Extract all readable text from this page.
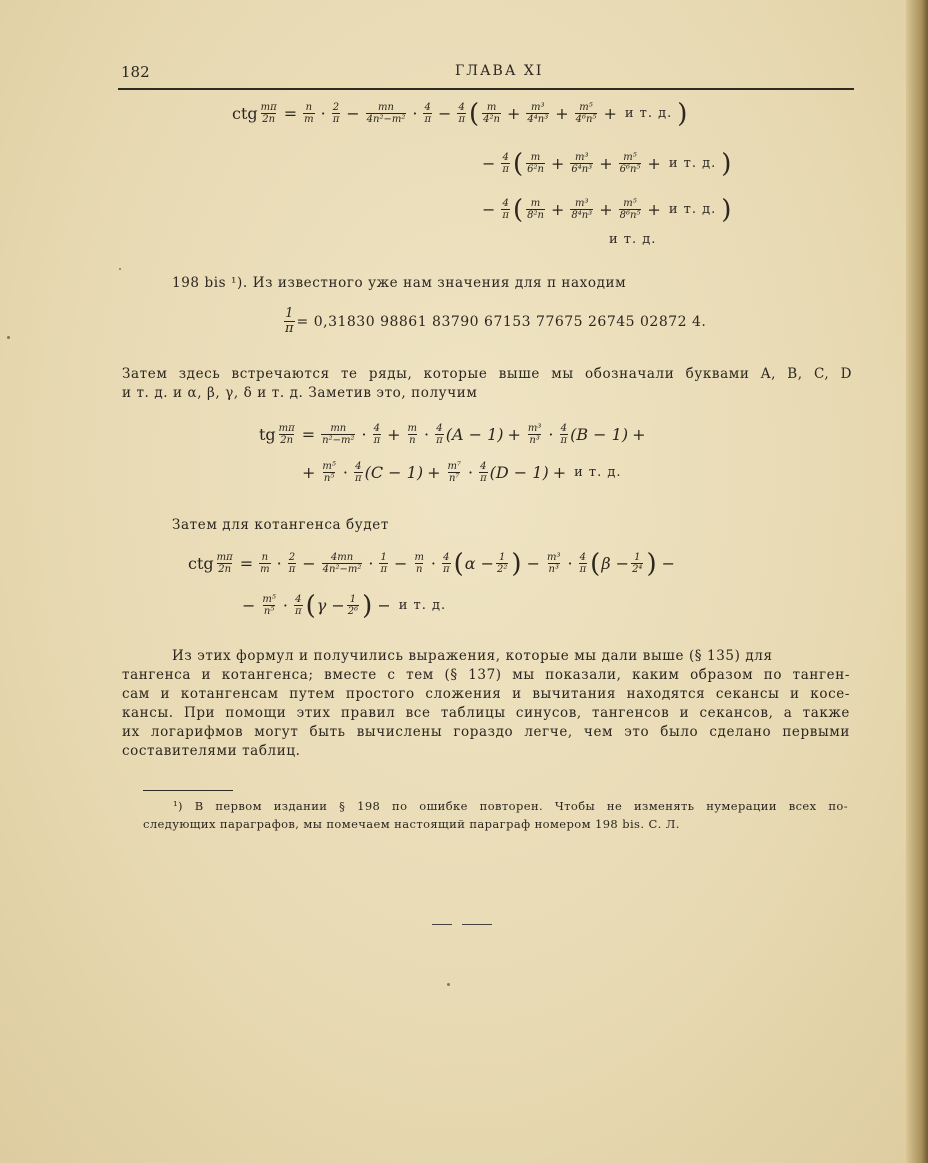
182	ГЛАВА XI
ctg $\frac{m\pi}{2n} = \frac{n}{m} \cdot \frac{2}{\pi} - \frac{mn}{\text{4n²−m²}} \cdot \frac{4}{\pi} - \frac{4}{\pi}$ ( $\frac{m}{\text{4²n}} + \frac{\text{m³}}{\text{4⁴n³}} + \frac{\text{m⁵}}{\text{4⁶n⁵}} + и$ т. д. )
− $\frac{4}{\pi}$ ( $\frac{m}{\text{6²n}} + \frac{\text{m³}}{\text{6⁴n³}} + \frac{\text{m⁵}}{\text{6⁶n⁵}} + и$ т. д. )
− $\frac{4}{\pi}$ ( $\frac{m}{\text{8²n}} + \frac{\text{m³}}{\text{8⁴n³}} + \frac{\text{m⁵}}{\text{8⁶n⁵}} + и$ т. д. )
и т. д.
198 bis ¹). Из известного уже нам значения для π находим
$\frac{1}{\pi} = 0,31830$ 98861 83790 67153 77675 26745 02872 4.
Затем здесь встречаются те ряды, которые выше мы обозначали буквами A, B, C, D
и т. д. и α, β, γ, δ и т. д. Заметив это, получим
tg $\frac{m\pi}{2n} = \frac{mn}{\text{n²−m²}} \cdot \frac{4}{\pi} + \frac{m}{n} \cdot \frac{4}{\pi} (A - 1) + \frac{\text{m³}}{\text{n³}} \cdot \frac{4}{\pi} (B - 1)$ +
+ $\frac{\text{m⁵}}{\text{n⁵}} \cdot \frac{4}{\pi} (C - 1) + \frac{\text{m⁷}}{\text{n⁷}} \cdot \frac{4}{\pi} (D - 1) + и$ т. д.
Затем для котангенса будет
ctg $\frac{m\pi}{2n} = \frac{n}{m} \cdot \frac{2}{\pi} - \frac{4mn}{\text{4n²−m²}} \cdot \frac{1}{\pi} - \frac{m}{n} \cdot \frac{4}{\pi}$ ( $\alpha - \frac{1}{\text{2²}}$ ) − $\frac{\text{m³}}{\text{n³}} \cdot \frac{4}{\pi}$ ( $\beta - \frac{1}{\text{2⁴}}$ ) −
− $\frac{\text{m⁵}}{\text{n⁵}} \cdot \frac{4}{\pi}$ ( $\gamma - \frac{1}{\text{2⁶}}$ ) − и т. д.
Из этих формул и получились выражения, которые мы дали выше (§ 135) для
тангенса и котангенса; вместе с тем (§ 137) мы показали, каким образом по танген-
сам и котангенсам путем простого сложения и вычитания находятся секансы и косе-
кансы. При помощи этих правил все таблицы синусов, тангенсов и секансов, а также
их логарифмов могут быть вычислены гораздо легче, чем это было сделано первыми
составителями таблиц.
¹) В первом издании § 198 по ошибке повторен. Чтобы не изменять нумерации всех по-
следующих параграфов, мы помечаем настоящий параграф номером 198 bis. С. Л.
